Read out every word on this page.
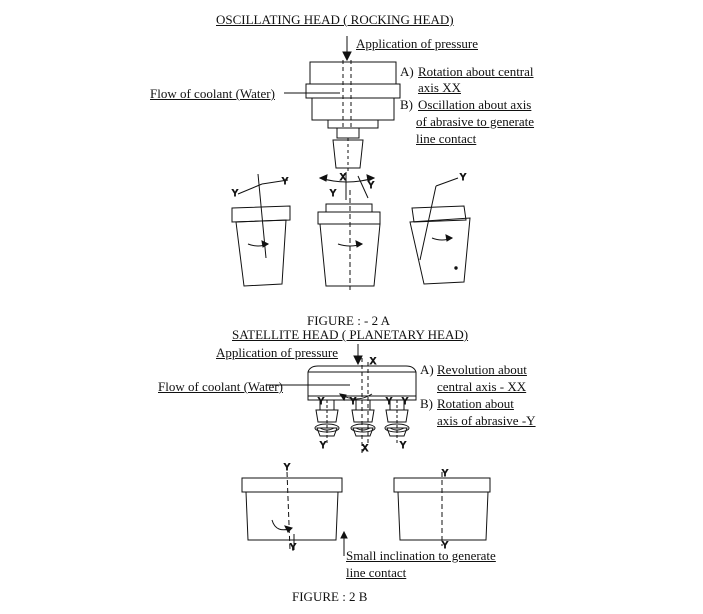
X
Y
Y
Y
Y	Y
OSCILLATING HEAD ( ROCKING HEAD)
Application of pressure
Flow of coolant (Water)
A) Rotation about central
axis XX
B) Oscillation about axis
of abrasive to generate
line contact
FIGURE : - 2 A
X
X
Y	Y	Y Y
Y	Y
Y
Y
Y
Y
SATELLITE HEAD ( PLANETARY HEAD)
Application of pressure
Flow of coolant (Water)
A) Revolution about
central axis - XX
B) Rotation about
axis of abrasive -Y
Small inclination to generate
line contact
FIGURE : 2 B
